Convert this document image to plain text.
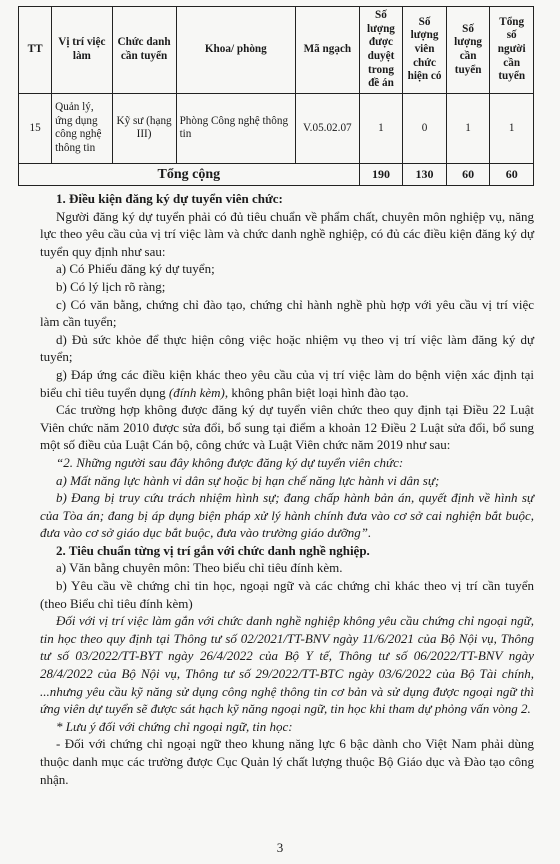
TT	Vị trí việc làm	Chức danh cần tuyển	Khoa/ phòng	Mã ngạch	Số lượng được duyệt trong đề án	Số lượng viên chức hiện có	Số lượng cần tuyển	Tổng số người cần tuyển
15	Quản lý, ứng dụng công nghệ thông tin	Kỹ sư (hạng III)	Phòng Công nghệ thông tin	V.05.02.07	1	0	1	1
Tổng cộng					190	130	60	60

1. Điều kiện đăng ký dự tuyển viên chức:

Người đăng ký dự tuyển phải có đủ tiêu chuẩn về phẩm chất, chuyên môn nghiệp vụ, năng lực theo yêu cầu của vị trí việc làm và chức danh nghề nghiệp, có đủ các điều kiện đăng ký dự tuyển quy định như sau:

a) Có Phiếu đăng ký dự tuyển;

b) Có lý lịch rõ ràng;

c) Có văn bằng, chứng chỉ đào tạo, chứng chỉ hành nghề phù hợp với yêu cầu vị trí việc làm cần tuyển;

d) Đủ sức khỏe để thực hiện công việc hoặc nhiệm vụ theo vị trí việc làm đăng ký dự tuyển;

g) Đáp ứng các điều kiện khác theo yêu cầu của vị trí việc làm do bệnh viện xác định tại biểu chỉ tiêu tuyển dụng (đính kèm), không phân biệt loại hình đào tạo.

Các trường hợp không được đăng ký dự tuyển viên chức theo quy định tại Điều 22 Luật Viên chức năm 2010 được sửa đổi, bổ sung tại điểm a khoản 12 Điều 2 Luật sửa đổi, bổ sung một số điều của Luật Cán bộ, công chức và Luật Viên chức năm 2019 như sau:

“2. Những người sau đây không được đăng ký dự tuyển viên chức:

a) Mất năng lực hành vi dân sự hoặc bị hạn chế năng lực hành vi dân sự;

b) Đang bị truy cứu trách nhiệm hình sự; đang chấp hành bản án, quyết định về hình sự của Tòa án; đang bị áp dụng biện pháp xử lý hành chính đưa vào cơ sở cai nghiện bắt buộc, đưa vào cơ sở giáo dục bắt buộc, đưa vào trường giáo dưỡng”.

2. Tiêu chuẩn từng vị trí gắn với chức danh nghề nghiệp.

a) Văn bằng chuyên môn: Theo biểu chỉ tiêu đính kèm.

b) Yêu cầu về chứng chỉ tin học, ngoại ngữ và các chứng chỉ khác theo vị trí cần tuyển (theo Biểu chỉ tiêu đính kèm)

Đối với vị trí việc làm gắn với chức danh nghề nghiệp không yêu cầu chứng chỉ ngoại ngữ, tin học theo quy định tại Thông tư số 02/2021/TT-BNV ngày 11/6/2021 của Bộ Nội vụ, Thông tư số 03/2022/TT-BYT ngày 26/4/2022 của Bộ Y tế, Thông tư số 06/2022/TT-BNV ngày 28/4/2022 của Bộ Nội vụ, Thông tư số 29/2022/TT-BTC ngày 03/6/2022 của Bộ Tài chính, ...nhưng yêu cầu kỹ năng sử dụng công nghệ thông tin cơ bản và sử dụng được ngoại ngữ thì ứng viên dự tuyển sẽ được sát hạch kỹ năng ngoại ngữ, tin học khi tham dự phỏng vấn vòng 2.

* Lưu ý đối với chứng chỉ ngoại ngữ, tin học:

- Đối với chứng chỉ ngoại ngữ theo khung năng lực 6 bậc dành cho Việt Nam phải dùng thuộc danh mục các trường được Cục Quản lý chất lượng thuộc Bộ Giáo dục và Đào tạo công nhận.

3
